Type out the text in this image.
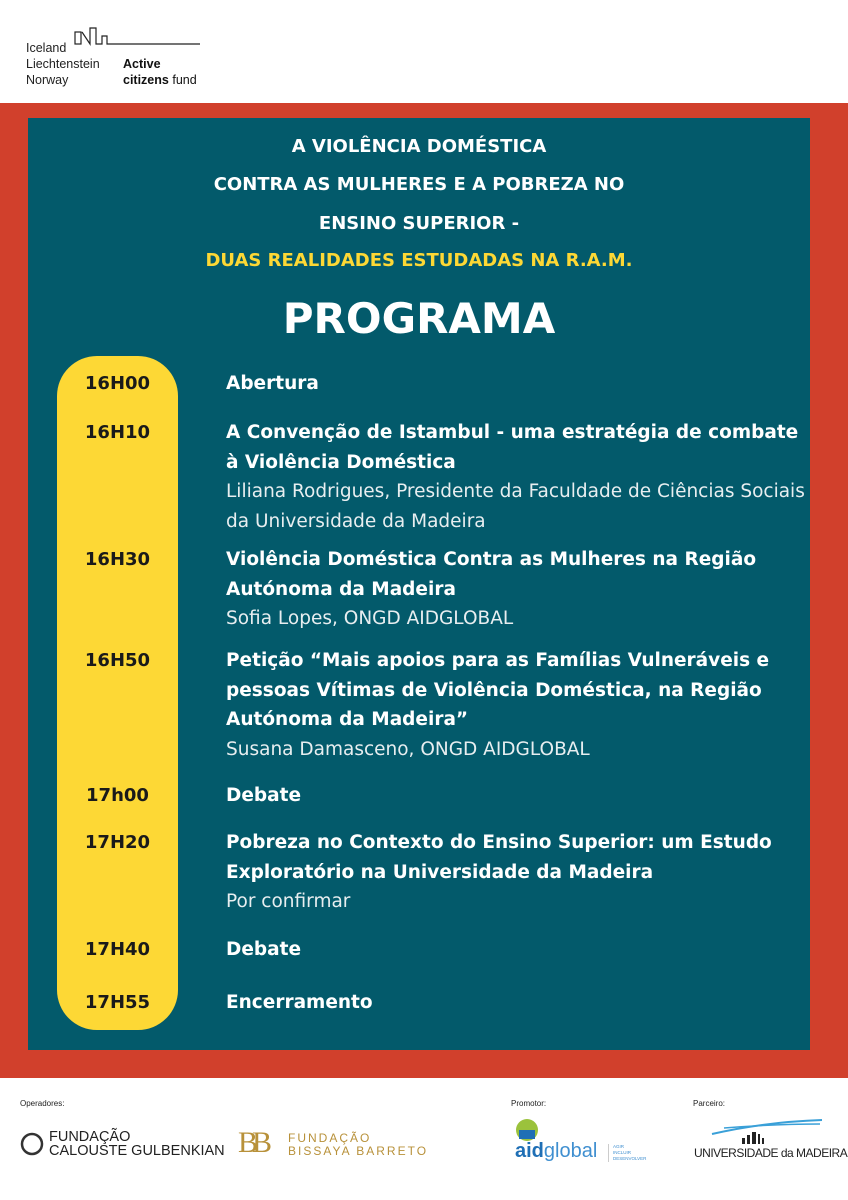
Iceland
Liechtenstein
Norway
Active
citizens fund
A VIOLÊNCIA DOMÉSTICA
CONTRA AS MULHERES E A POBREZA NO
ENSINO SUPERIOR -
DUAS REALIDADES ESTUDADAS NA R.A.M.
PROGRAMA
16H00	Abertura
16H10	A Convenção de Istambul - uma estratégia de combate à Violência Doméstica
Liliana Rodrigues, Presidente da Faculdade de Ciências Sociais da Universidade da Madeira
16H30	Violência Doméstica Contra as Mulheres na Região Autónoma da Madeira
Sofia Lopes, ONGD AIDGLOBAL
16H50	Petição “Mais apoios para as Famílias Vulneráveis e pessoas Vítimas de Violência Doméstica, na Região Autónoma da Madeira”
Susana Damasceno, ONGD AIDGLOBAL
17h00	Debate
17H20	Pobreza no Contexto do Ensino Superior: um Estudo Exploratório na Universidade da Madeira
Por confirmar
17H40	Debate
17H55	Encerramento
Operadores:	Promotor:	Parceiro:
FUNDAÇÃO
CALOUSTE GULBENKIAN BB FUNDAÇÃO
BISSAYA BARRETO	aidglobal	AGIR
INCLUIR
DESENVOLVER	UNIVERSIDADE da MADEIRA
